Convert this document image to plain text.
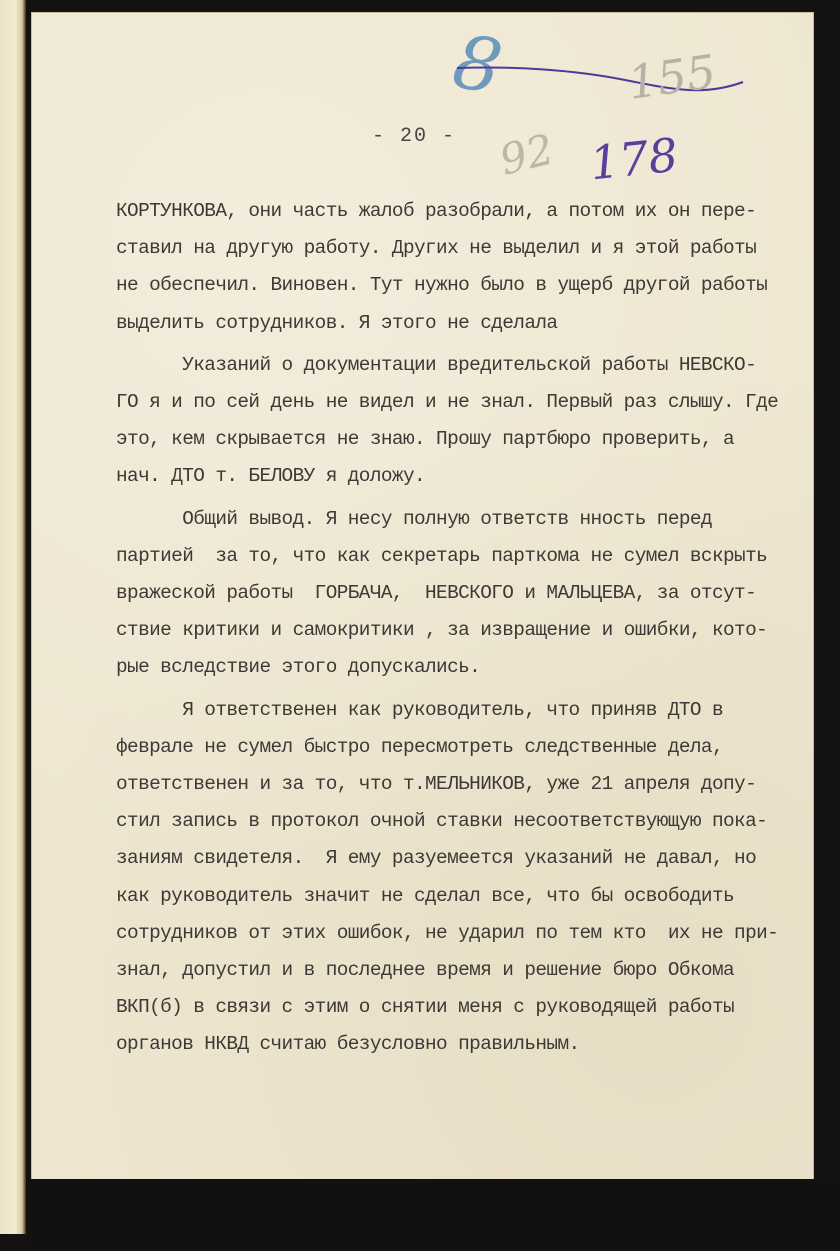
- 20 -
8	155
92 178
КОРТУНКОВА, они часть жалоб разобрали, а потом их он пере-
ставил на другую работу. Других не выделил и я этой работы
не обеспечил. Виновен. Тут нужно было в ущерб другой работы
выделить сотрудников. Я этого не сделала
Указаний о документации вредительской работы НЕВСКО-
ГО я и по сей день не видел и не знал. Первый раз слышу. Где
это, кем скрывается не знаю. Прошу партбюро проверить, а
нач. ДТО т. БЕЛОВУ я доложу.
Общий вывод. Я несу полную ответств нность перед
партией  за то, что как секретарь парткома не сумел вскрыть
вражеской работы  ГОРБАЧА,  НЕВСКОГО и МАЛЬЦЕВА, за отсут-
ствие критики и самокритики , за извращение и ошибки, кото-
рые вследствие этого допускались.
Я ответственен как руководитель, что приняв ДТО в
феврале не сумел быстро пересмотреть следственные дела,
ответственен и за то, что т.МЕЛЬНИКОВ, уже 21 апреля допу-
стил запись в протокол очной ставки несоответствующую пока-
заниям свидетеля.  Я ему разуемеется указаний не давал, но
как руководитель значит не сделал все, что бы освободить
сотрудников от этих ошибок, не ударил по тем кто  их не при-
знал, допустил и в последнее время и решение бюро Обкома
ВКП(б) в связи с этим о снятии меня с руководящей работы
органов НКВД считаю безусловно правильным.
